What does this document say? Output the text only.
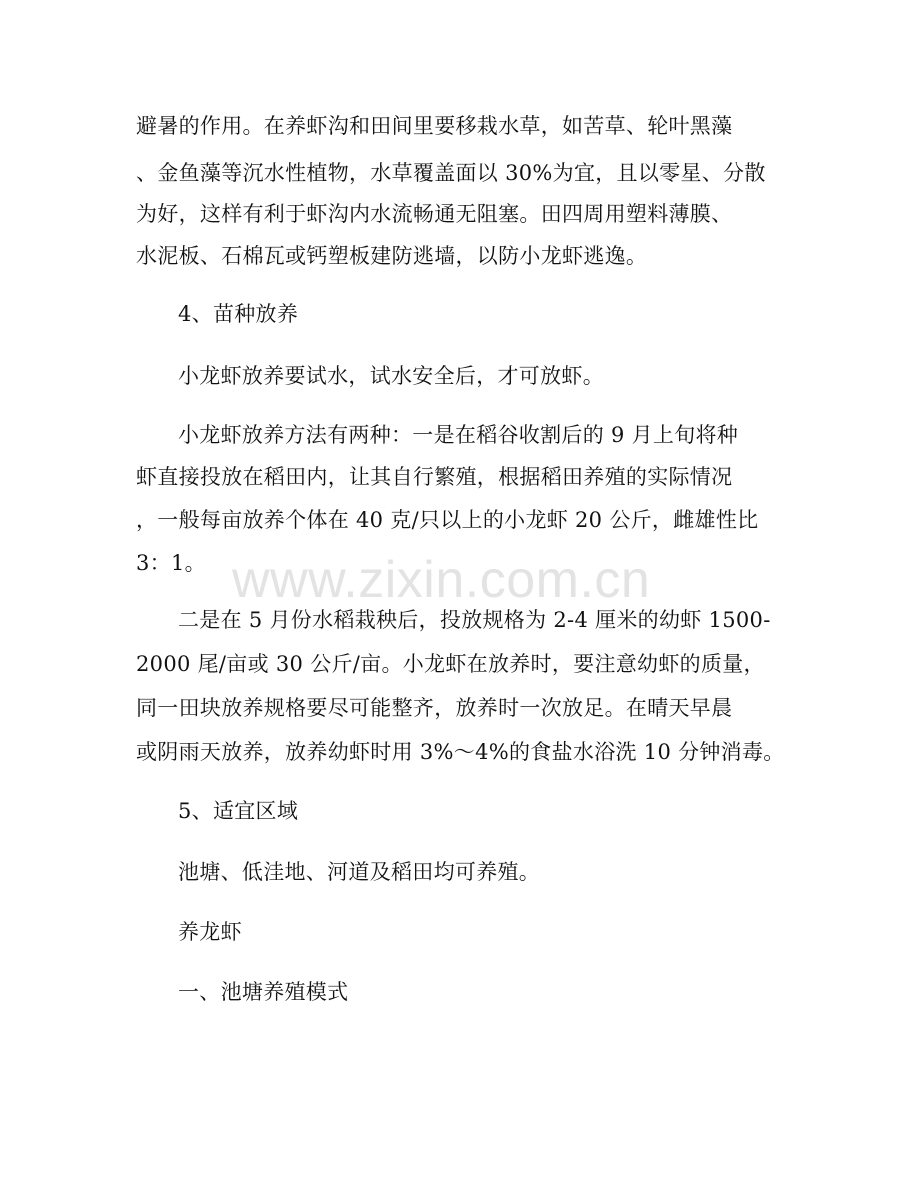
www.zixin.com.cn
避暑的作用。在养虾沟和田间里要移栽水草，如苦草、轮叶黑藻
、金鱼藻等沉水性植物，水草覆盖面以 30%为宜，且以零星、分散
为好，这样有利于虾沟内水流畅通无阻塞。田四周用塑料薄膜、
水泥板、石棉瓦或钙塑板建防逃墙，以防小龙虾逃逸。
4、苗种放养
小龙虾放养要试水，试水安全后，才可放虾。
小龙虾放养方法有两种：一是在稻谷收割后的 9 月上旬将种
虾直接投放在稻田内，让其自行繁殖，根据稻田养殖的实际情况
，一般每亩放养个体在 40 克/只以上的小龙虾 20 公斤，雌雄性比
3：1。
二是在 5 月份水稻栽秧后，投放规格为 2-4 厘米的幼虾 1500-
2000 尾/亩或 30 公斤/亩。小龙虾在放养时，要注意幼虾的质量，
同一田块放养规格要尽可能整齐，放养时一次放足。在晴天早晨
或阴雨天放养，放养幼虾时用 3%～4%的食盐水浴洗 10 分钟消毒。
5、适宜区域
池塘、低洼地、河道及稻田均可养殖。
养龙虾
一、池塘养殖模式
